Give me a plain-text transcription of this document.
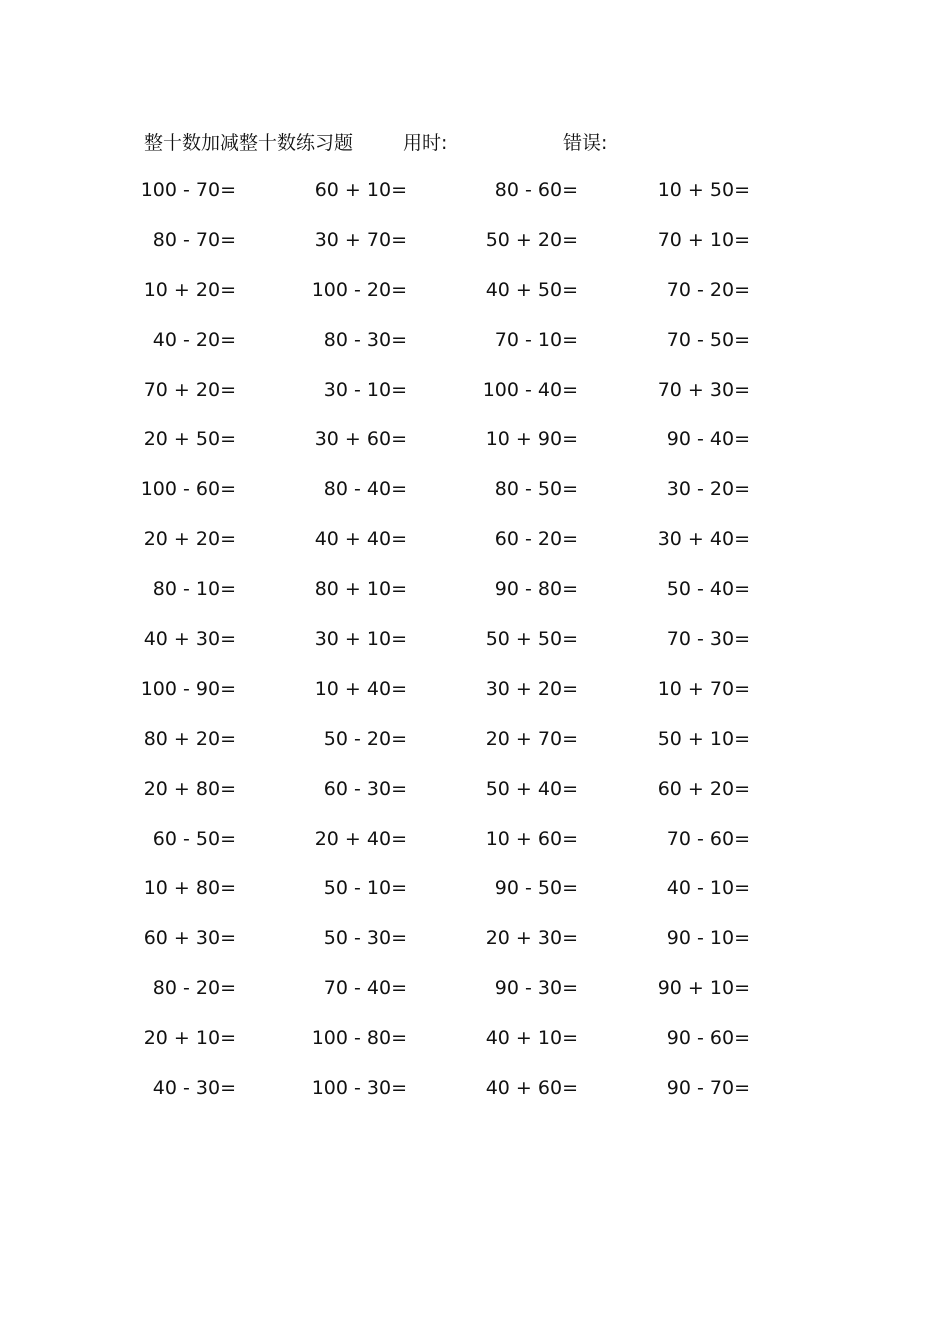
整十数加减整十数练习题	用时:	错误:
100 - 70=	60 + 10=	80 - 60=	10 + 50=
80 - 70=	30 + 70=	50 + 20=	70 + 10=
10 + 20=	100 - 20=	40 + 50=	70 - 20=
40 - 20=	80 - 30=	70 - 10=	70 - 50=
70 + 20=	30 - 10=	100 - 40=	70 + 30=
20 + 50=	30 + 60=	10 + 90=	90 - 40=
100 - 60=	80 - 40=	80 - 50=	30 - 20=
20 + 20=	40 + 40=	60 - 20=	30 + 40=
80 - 10=	80 + 10=	90 - 80=	50 - 40=
40 + 30=	30 + 10=	50 + 50=	70 - 30=
100 - 90=	10 + 40=	30 + 20=	10 + 70=
80 + 20=	50 - 20=	20 + 70=	50 + 10=
20 + 80=	60 - 30=	50 + 40=	60 + 20=
60 - 50=	20 + 40=	10 + 60=	70 - 60=
10 + 80=	50 - 10=	90 - 50=	40 - 10=
60 + 30=	50 - 30=	20 + 30=	90 - 10=
80 - 20=	70 - 40=	90 - 30=	90 + 10=
20 + 10=	100 - 80=	40 + 10=	90 - 60=
40 - 30=	100 - 30=	40 + 60=	90 - 70=
